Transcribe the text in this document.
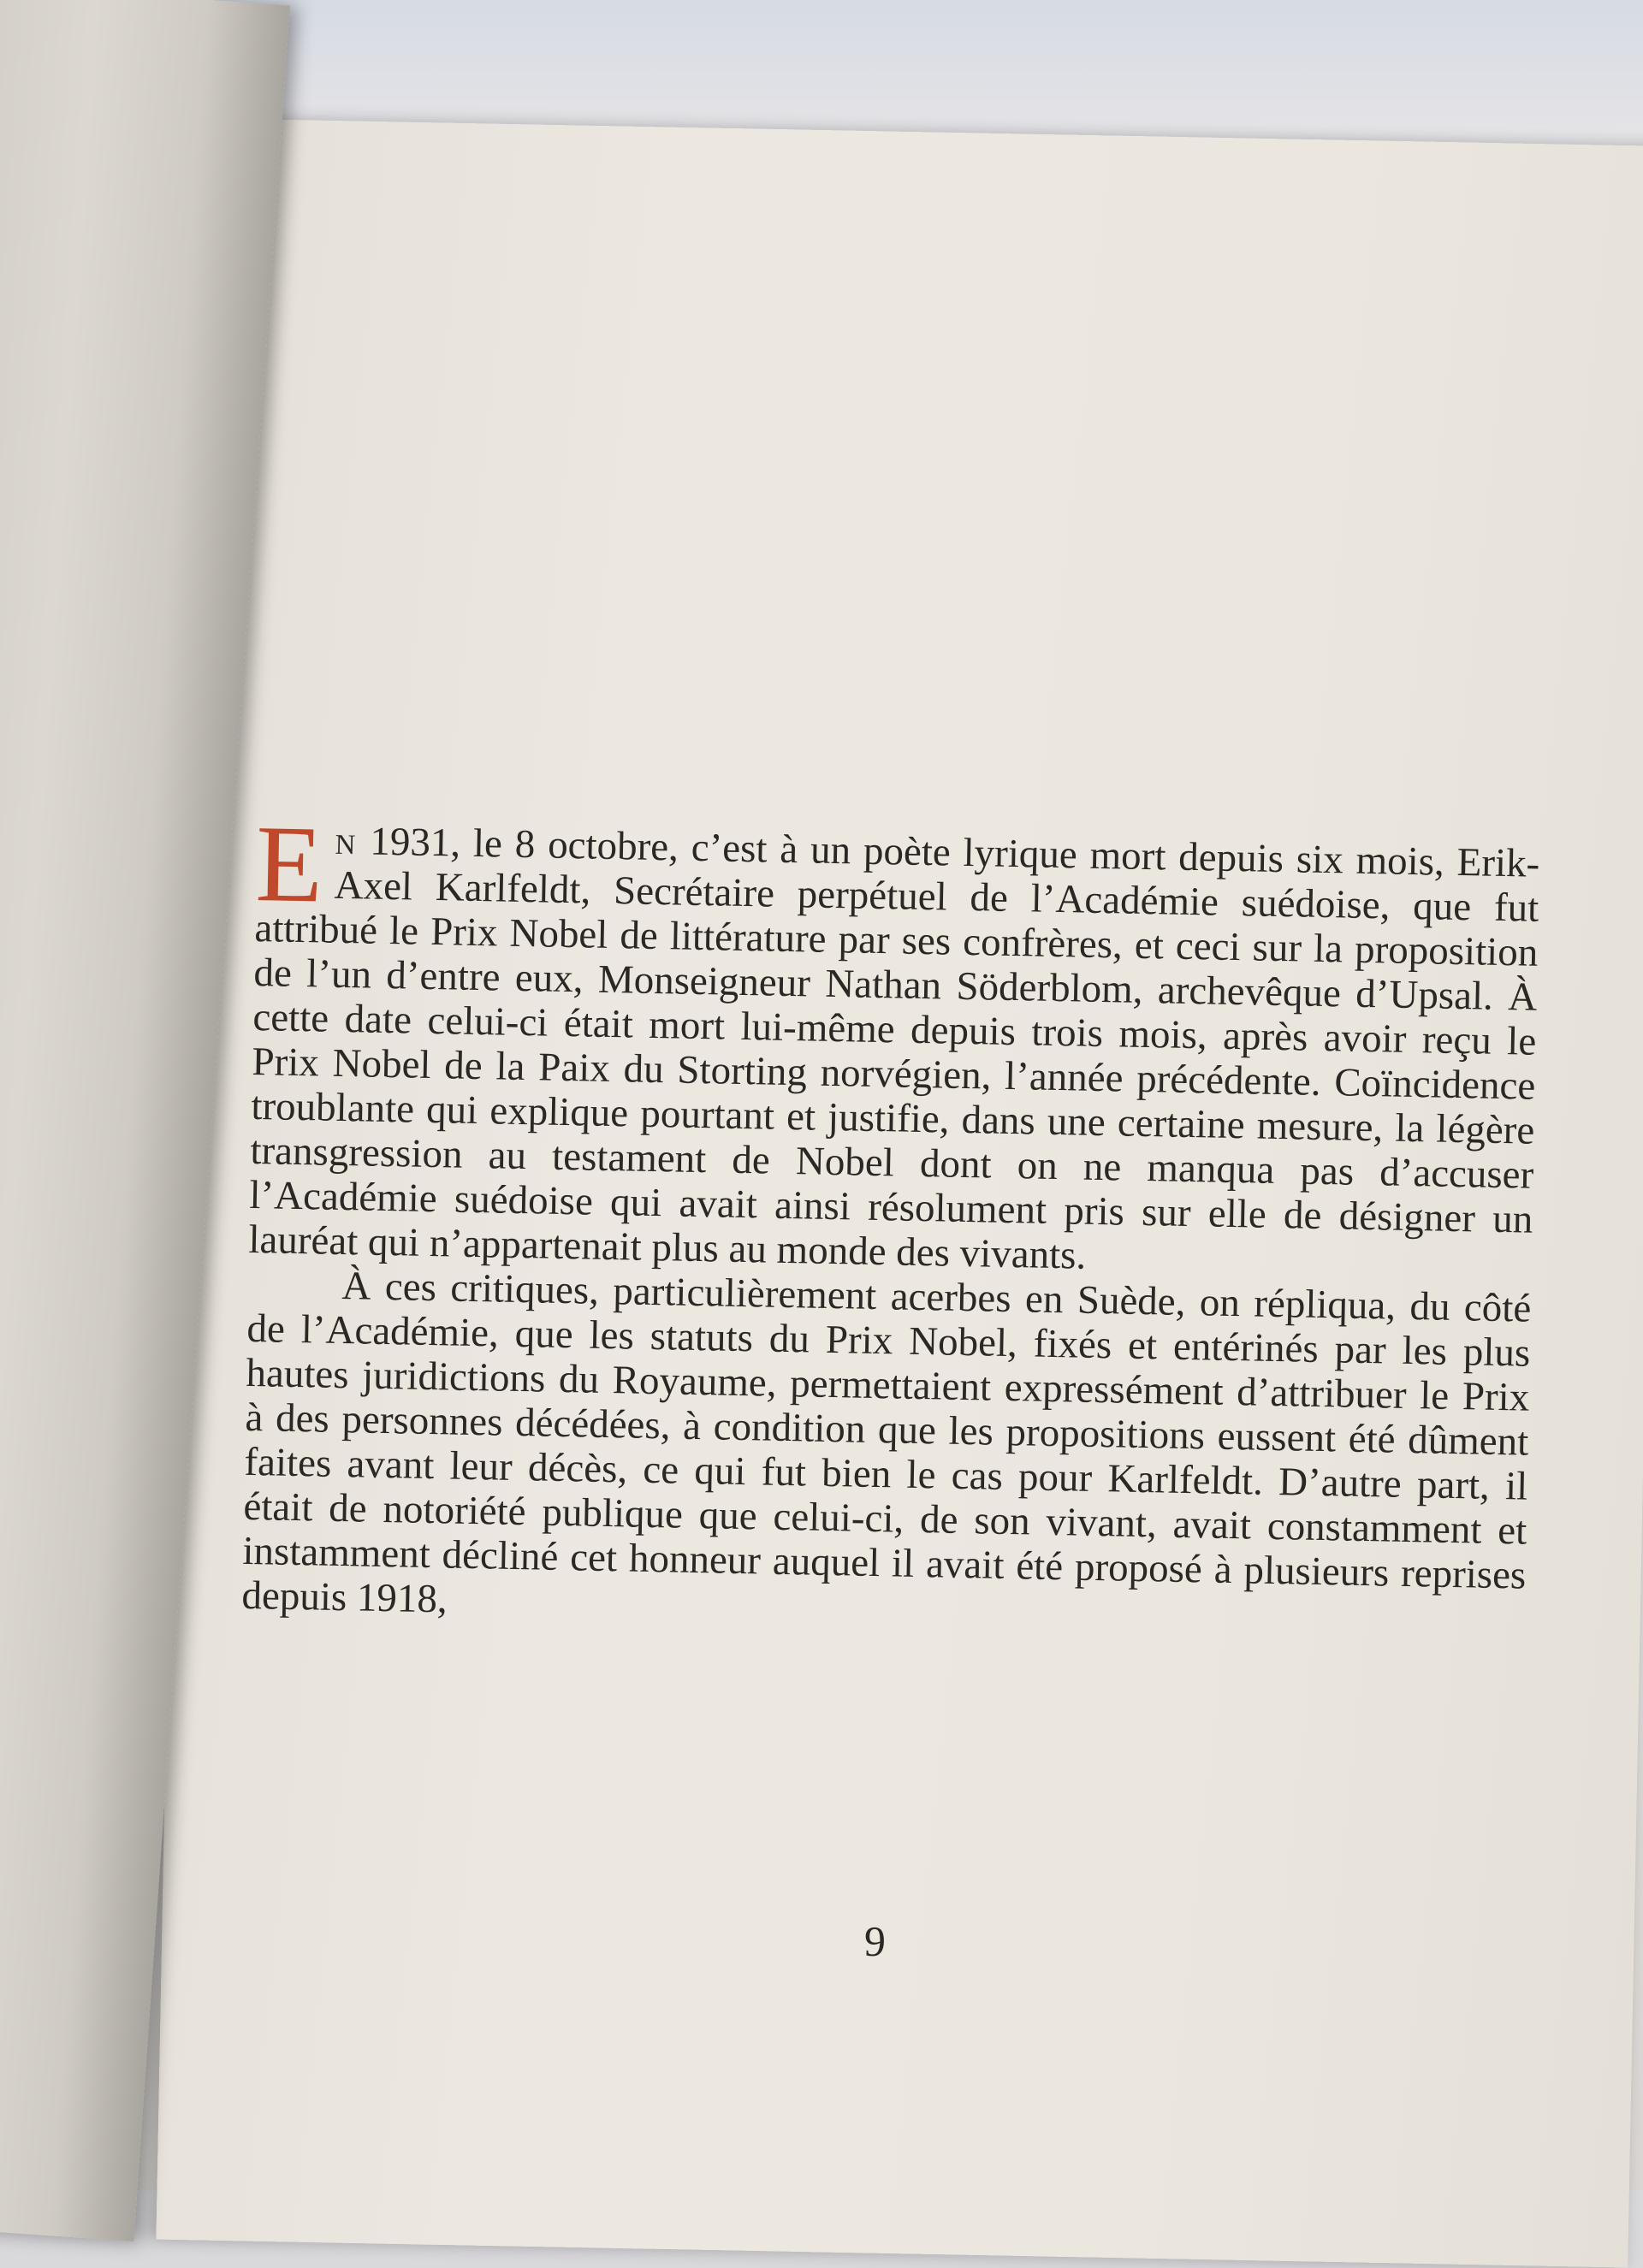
En 1931, le 8 octobre, c’est à un poète lyrique mort depuis six mois, Erik-Axel Karlfeldt, Secrétaire perpétuel de l’Académie suédoise, que fut attribué le Prix Nobel de littérature par ses confrères, et ceci sur la proposition de l’un d’entre eux, Monseigneur Nathan Söderblom, archevêque d’Upsal. À cette date celui-ci était mort lui-même depuis trois mois, après avoir reçu le Prix Nobel de la Paix du Storting norvégien, l’année précédente. Coïncidence troublante qui explique pourtant et justifie, dans une certaine mesure, la légère transgression au testament de Nobel dont on ne manqua pas d’accuser l’Académie suédoise qui avait ainsi résolument pris sur elle de désigner un lauréat qui n’appartenait plus au monde des vivants.

À ces critiques, particulièrement acerbes en Suède, on répliqua, du côté de l’Académie, que les statuts du Prix Nobel, fixés et entérinés par les plus hautes juridictions du Royaume, permettaient expressément d’attribuer le Prix à des personnes décédées, à condition que les propositions eussent été dûment faites avant leur décès, ce qui fut bien le cas pour Karlfeldt. D’autre part, il était de notoriété publique que celui-ci, de son vivant, avait constamment et instamment décliné cet honneur auquel il avait été proposé à plusieurs reprises depuis 1918,

9
